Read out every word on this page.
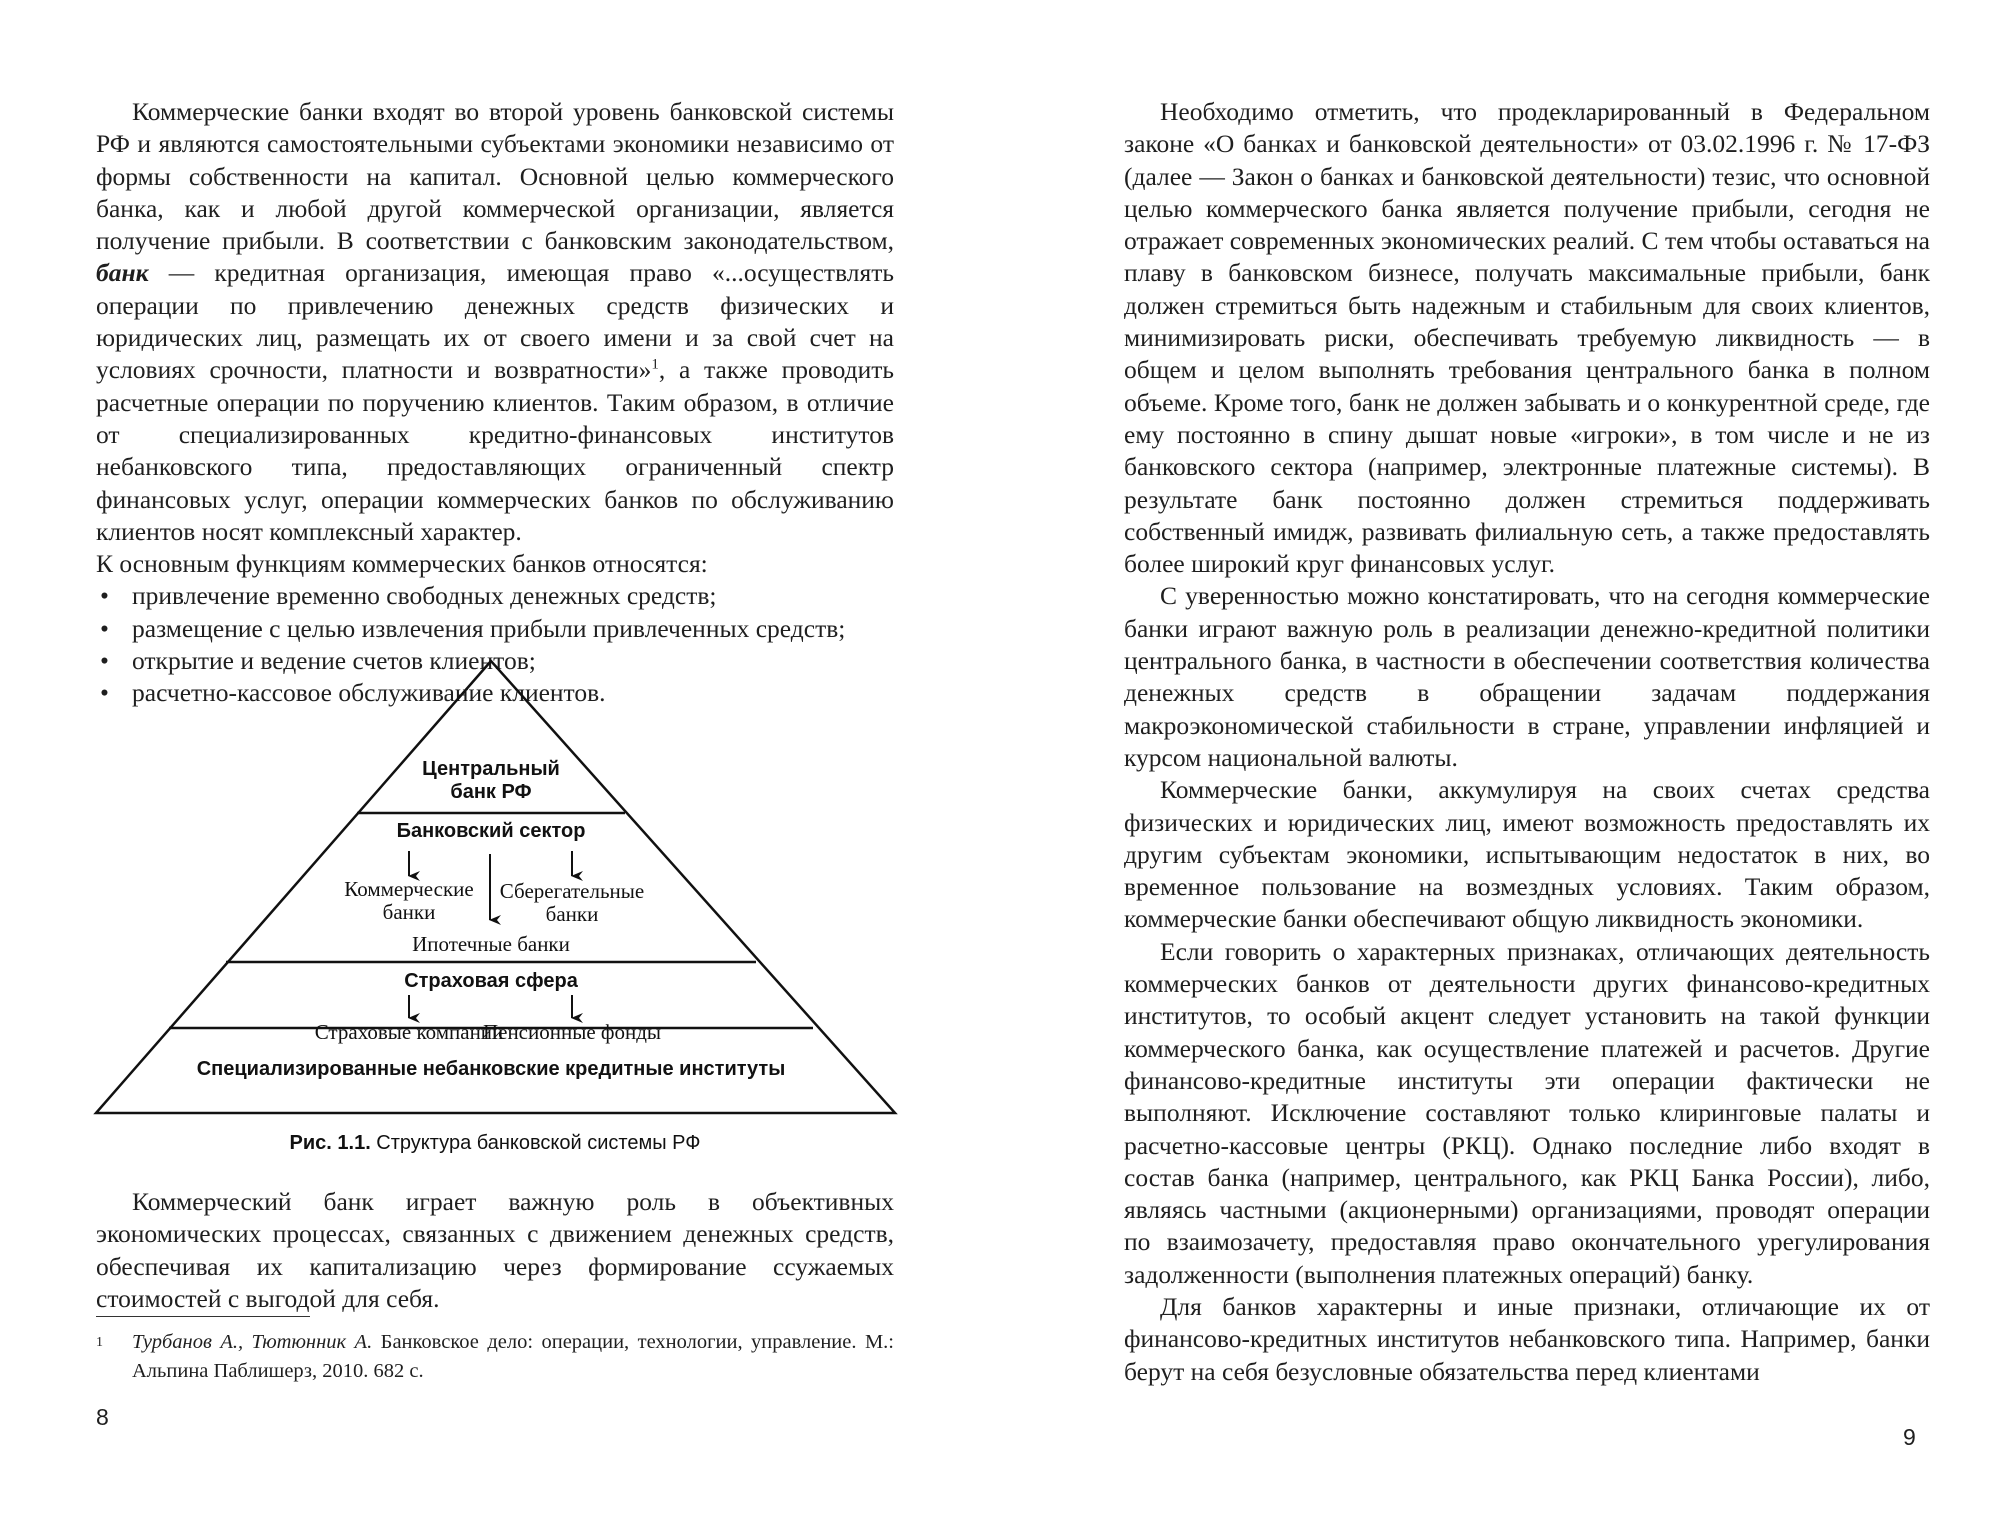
Коммерческие банки входят во второй уровень банковской системы РФ и являются самостоятельными субъектами экономики независимо от формы собственности на капитал. Основной целью коммерческого банка, как и любой другой коммерческой организации, является получение прибыли. В соответствии с банковским законодательством, банк — кредитная организация, имеющая право «...осуществлять операции по привлечению денежных средств физических и юридических лиц, размещать их от своего имени и за свой счет на условиях срочности, платности и возвратности»$^1$, а также проводить расчетные операции по поручению клиентов. Таким образом, в отличие от специализированных кредитно-финансовых институтов небанковского типа, предоставляющих ограниченный спектр финансовых услуг, операции коммерческих банков по обслуживанию клиентов носят комплексный характер.

К основным функциям коммерческих банков относятся:

• привлечение временно свободных денежных средств;
• размещение с целью извлечения прибыли привлеченных средств;
• открытие и ведение счетов клиентов;
• расчетно-кассовое обслуживание клиентов.
Центральный
банк РФ
Банковский сектор
Коммерческие
банки
Сберегательные
банки
Ипотечные банки
Страховая сфера
Страховые компании
Пенсионные фонды
Специализированные небанковские кредитные институты
Рис. 1.1. Структура банковской системы РФ

Коммерческий банк играет важную роль в объективных экономических процессах, связанных с движением денежных средств, обеспечивая их капитализацию через формирование ссужаемых стоимостей с выгодой для себя.

1 Турбанов А., Тютюнник А. Банковское дело: операции, технологии, управление. М.: Альпина Паблишерз, 2010. 682 с.
8

Необходимо отметить, что продекларированный в Федеральном законе «О банках и банковской деятельности» от 03.02.1996 г. № 17-ФЗ (далее — Закон о банках и банковской деятельности) тезис, что основной целью коммерческого банка является получение прибыли, сегодня не отражает современных экономических реалий. С тем чтобы оставаться на плаву в банковском бизнесе, получать максимальные прибыли, банк должен стремиться быть надежным и стабильным для своих клиентов, минимизировать риски, обеспечивать требуемую ликвидность — в общем и целом выполнять требования центрального банка в полном объеме. Кроме того, банк не должен забывать и о конкурентной среде, где ему постоянно в спину дышат новые «игроки», в том числе и не из банковского сектора (например, электронные платежные системы). В результате банк постоянно должен стремиться поддерживать собственный имидж, развивать филиальную сеть, а также предоставлять более широкий круг финансовых услуг.

С уверенностью можно констатировать, что на сегодня коммерческие банки играют важную роль в реализации денежно-кредитной политики центрального банка, в частности в обеспечении соответствия количества денежных средств в обращении задачам поддержания макроэкономической стабильности в стране, управлении инфляцией и курсом национальной валюты.

Коммерческие банки, аккумулируя на своих счетах средства физических и юридических лиц, имеют возможность предоставлять их другим субъектам экономики, испытывающим недостаток в них, во временное пользование на возмездных условиях. Таким образом, коммерческие банки обеспечивают общую ликвидность экономики.

Если говорить о характерных признаках, отличающих деятельность коммерческих банков от деятельности других финансово-кредитных институтов, то особый акцент следует установить на такой функции коммерческого банка, как осуществление платежей и расчетов. Другие финансово-кредитные институты эти операции фактически не выполняют. Исключение составляют только клиринговые палаты и расчетно-кассовые центры (РКЦ). Однако последние либо входят в состав банка (например, центрального, как РКЦ Банка России), либо, являясь частными (акционерными) организациями, проводят операции по взаимозачету, предоставляя право окончательного урегулирования задолженности (выполнения платежных операций) банку.

Для банков характерны и иные признаки, отличающие их от финансово-кредитных институтов небанковского типа. Например, банки берут на себя безусловные обязательства перед клиентами

9
